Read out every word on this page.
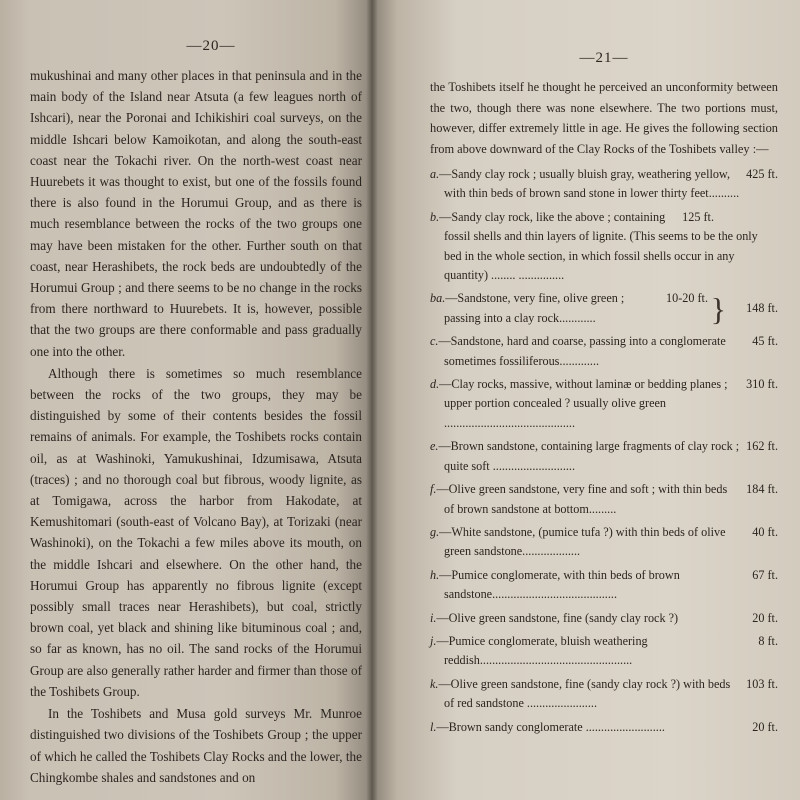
—20—

mukushinai and many other places in that peninsula and in the main body of the Island near Atsuta (a few leagues north of Ishcari), near the Poronai and Ichikishiri coal surveys, on the middle Ishcari below Kamoikotan, and along the south-east coast near the Tokachi river. On the north-west coast near Huurebets it was thought to exist, but one of the fossils found there is also found in the Horumui Group, and as there is much resemblance between the rocks of the two groups one may have been mistaken for the other. Further south on that coast, near Herashibets, the rock beds are undoubtedly of the Horumui Group ; and there seems to be no change in the rocks from there northward to Huurebets. It is, however, possible that the two groups are there conformable and pass gradually one into the other.

Although there is sometimes so much resemblance between the rocks of the two groups, they may be distinguished by some of their contents besides the fossil remains of animals. For example, the Toshibets rocks contain oil, as at Washinoki, Yamukushinai, Idzumisawa, Atsuta (traces) ; and no thorough coal but fibrous, woody lignite, as at Tomigawa, across the harbor from Hakodate, at Kemushitomari (south-east of Volcano Bay), at Torizaki (near Washinoki), on the Tokachi a few miles above its mouth, on the middle Ishcari and elsewhere. On the other hand, the Horumui Group has apparently no fibrous lignite (except possibly small traces near Herashibets), but coal, strictly brown coal, yet black and shining like bituminous coal ; and, so far as known, has no oil. The sand rocks of the Horumui Group are also generally rather harder and firmer than those of the Toshibets Group.

In the Toshibets and Musa gold surveys Mr. Munroe distinguished two divisions of the Toshibets Group ; the upper of which he called the Toshibets Clay Rocks and the lower, the Chingkombe shales and sandstones and on

—21—

the Toshibets itself he thought he perceived an unconformity between the two, though there was none elsewhere. The two portions must, however, differ extremely little in age. He gives the following section from above downward of the Clay Rocks of the Toshibets valley :—

425 ft.
a.—Sandy clay rock ; usually bluish gray, weathering yellow, with thin beds of brown sand stone in lower thirty feet..........
125 ft.
b.—Sandy clay rock, like the above ; containing fossil shells and thin layers of lignite. (This seems to be the only bed in the whole section, in which fossil shells occur in any quantity) ........ ...............
10-20 ft.
ba.—Sandstone, very fine, olive green ; passing into a clay rock............	} 148 ft.
45 ft.
c.—Sandstone, hard and coarse, passing into a conglomerate sometimes fossiliferous.............
310 ft.
d.—Clay rocks, massive, without laminæ or bedding planes ; upper portion concealed ? usually olive green ...........................................
162 ft.
e.—Brown sandstone, containing large fragments of clay rock ; quite soft ...........................
184 ft.
f.—Olive green sandstone, very fine and soft ; with thin beds of brown sandstone at bottom.........
40 ft.
g.—White sandstone, (pumice tufa ?) with thin beds of olive green sandstone...................
67 ft.
h.—Pumice conglomerate, with thin beds of brown sandstone.........................................
20 ft.
i.—Olive green sandstone, fine (sandy clay rock ?)
8 ft.
j.—Pumice conglomerate, bluish weathering reddish..................................................
103 ft.
k.—Olive green sandstone, fine (sandy clay rock ?) with beds of red sandstone .......................
20 ft.
l.—Brown sandy conglomerate ..........................
